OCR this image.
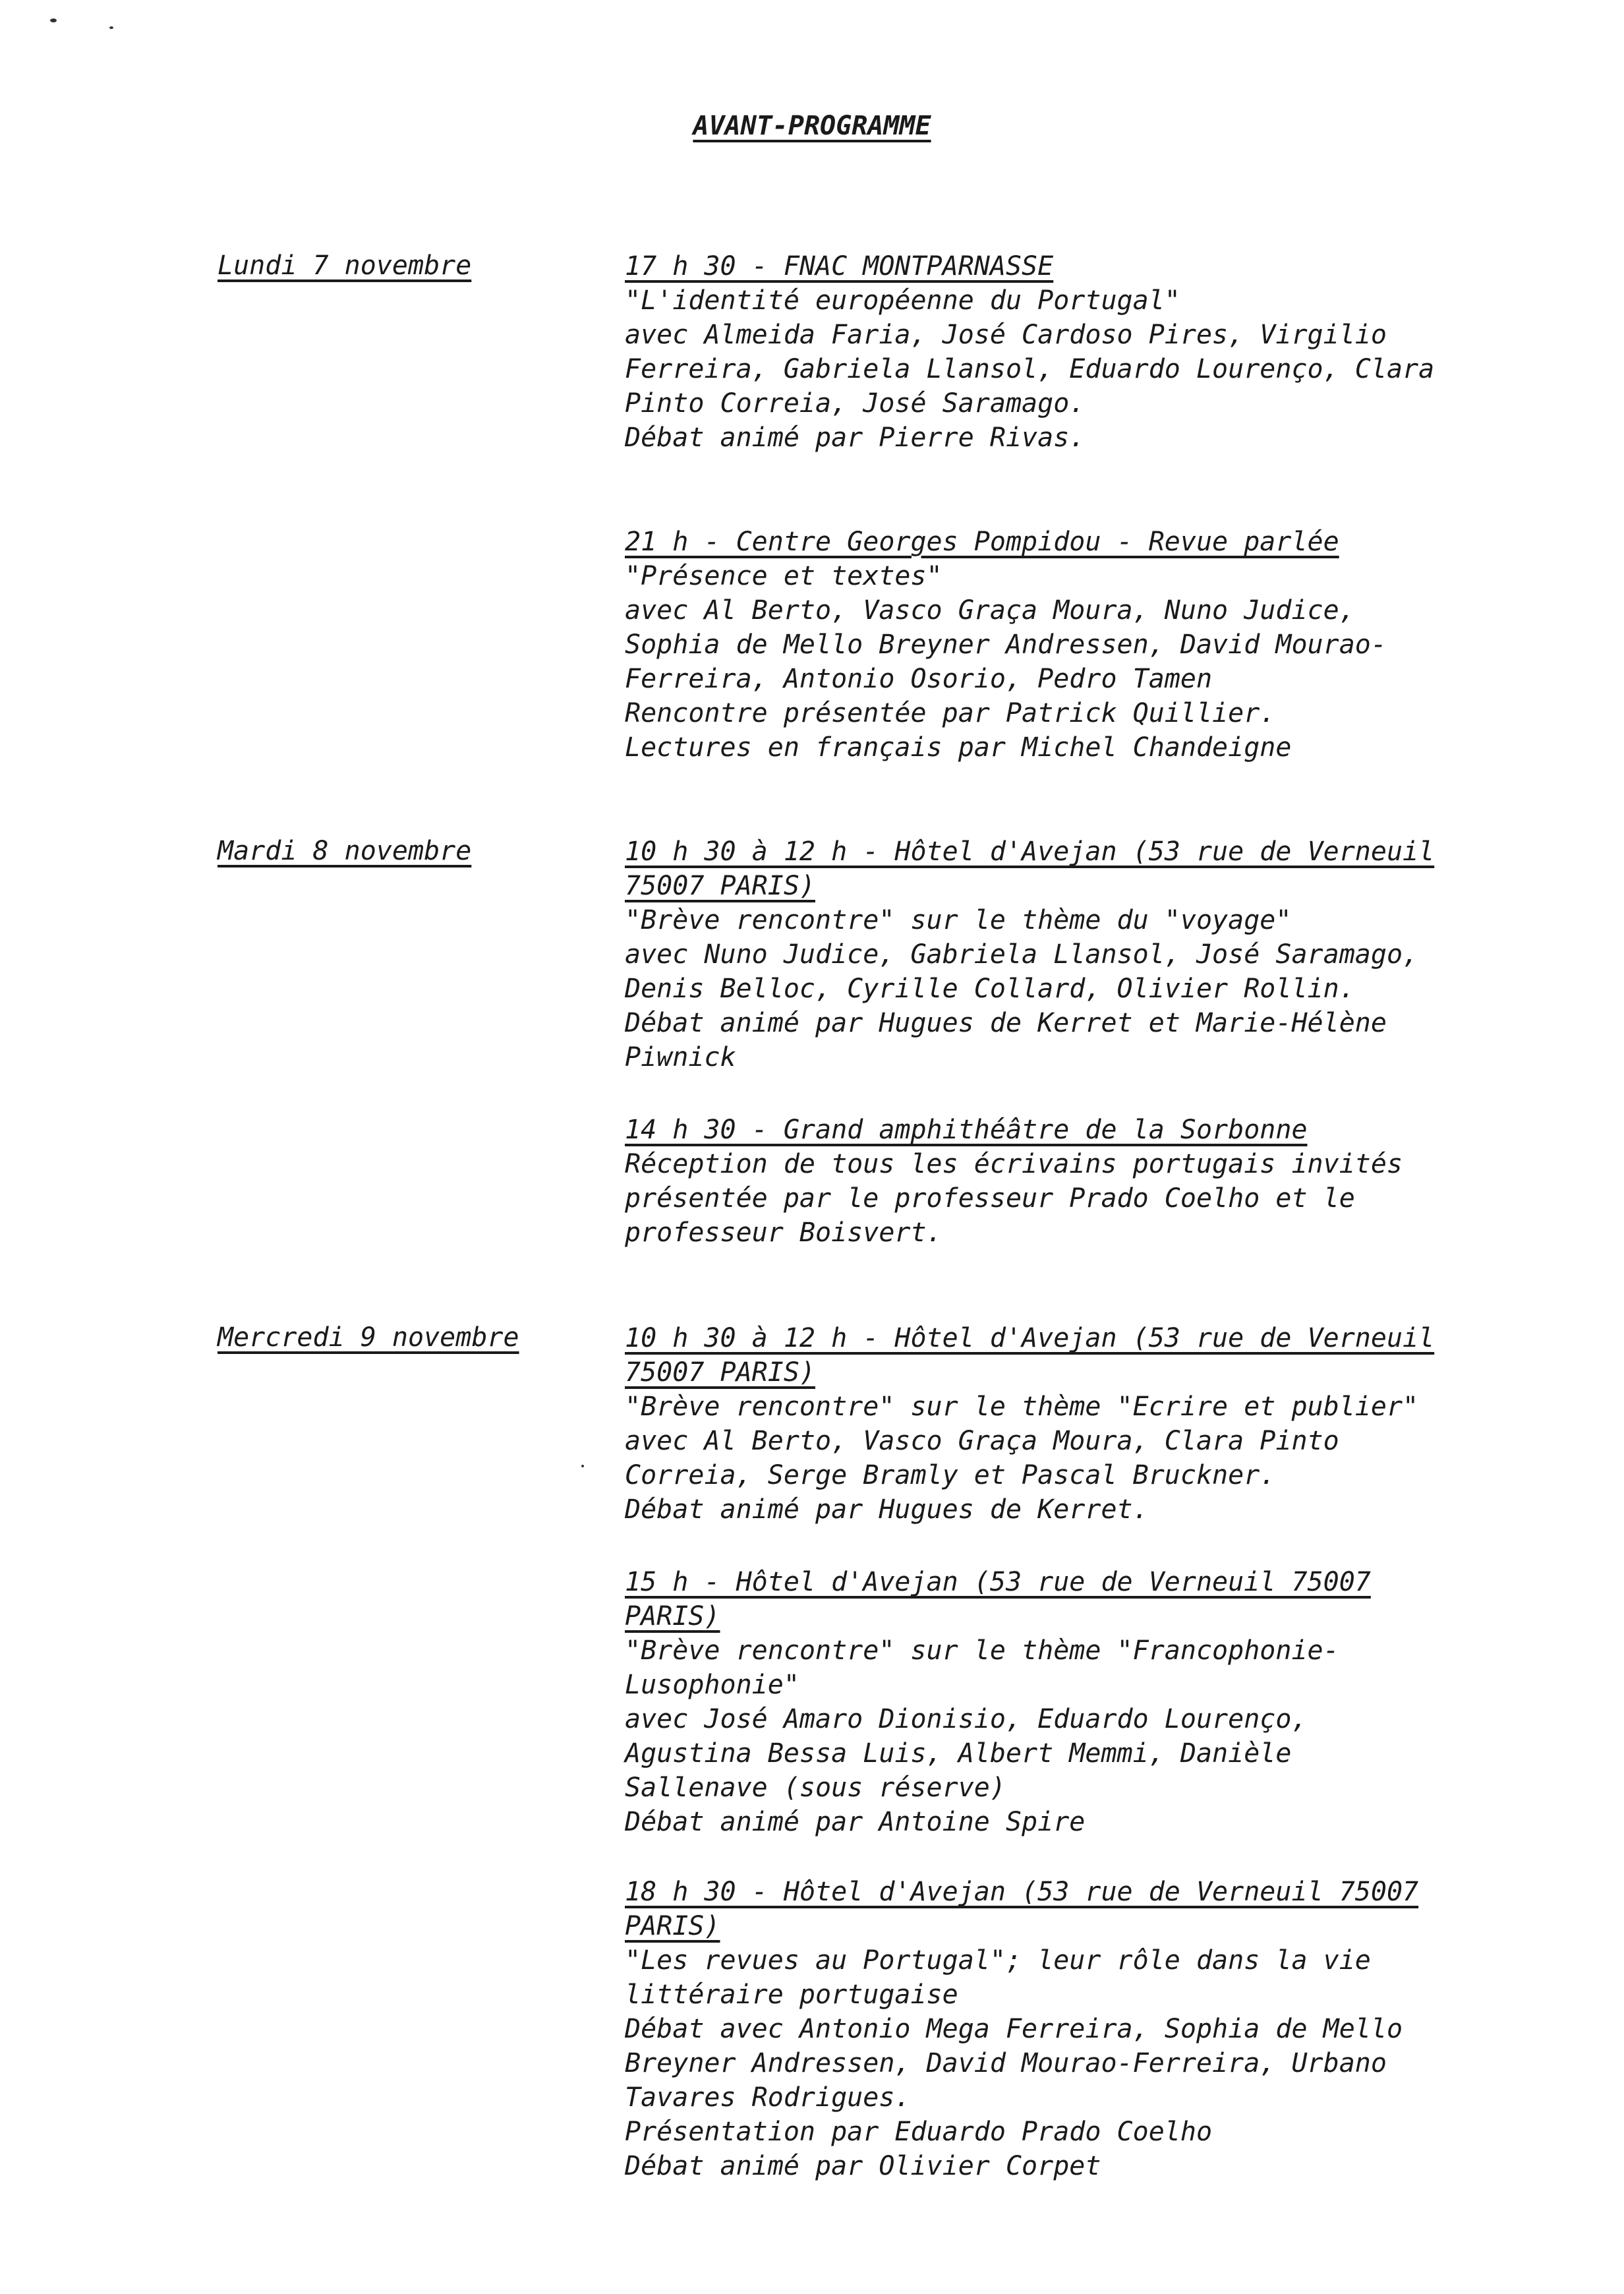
AVANT-PROGRAMME
Lundi 7 novembre	17 h 30 - FNAC MONTPARNASSE
"L'identité européenne du Portugal"
avec Almeida Faria, José Cardoso Pires, Virgilio
Ferreira, Gabriela Llansol, Eduardo Lourenço, Clara
Pinto Correia, José Saramago.
Débat animé par Pierre Rivas.
21 h - Centre Georges Pompidou - Revue parlée
"Présence et textes"
avec Al Berto, Vasco Graça Moura, Nuno Judice,
Sophia de Mello Breyner Andressen, David Mourao-
Ferreira, Antonio Osorio, Pedro Tamen
Rencontre présentée par Patrick Quillier.
Lectures en français par Michel Chandeigne
Mardi 8 novembre	10 h 30 à 12 h - Hôtel d'Avejan (53 rue de Verneuil
75007 PARIS)
"Brève rencontre" sur le thème du "voyage"
avec Nuno Judice, Gabriela Llansol, José Saramago,
Denis Belloc, Cyrille Collard, Olivier Rollin.
Débat animé par Hugues de Kerret et Marie-Hélène
Piwnick
14 h 30 - Grand amphithéâtre de la Sorbonne
Réception de tous les écrivains portugais invités
présentée par le professeur Prado Coelho et le
professeur Boisvert.
Mercredi 9 novembre	10 h 30 à 12 h - Hôtel d'Avejan (53 rue de Verneuil
75007 PARIS)
"Brève rencontre" sur le thème "Ecrire et publier"
avec Al Berto, Vasco Graça Moura, Clara Pinto
Correia, Serge Bramly et Pascal Bruckner.
Débat animé par Hugues de Kerret.
15 h - Hôtel d'Avejan (53 rue de Verneuil 75007
PARIS)
"Brève rencontre" sur le thème "Francophonie-
Lusophonie"
avec José Amaro Dionisio, Eduardo Lourenço,
Agustina Bessa Luis, Albert Memmi, Danièle
Sallenave (sous réserve)
Débat animé par Antoine Spire
18 h 30 - Hôtel d'Avejan (53 rue de Verneuil 75007
PARIS)
"Les revues au Portugal"; leur rôle dans la vie
littéraire portugaise
Débat avec Antonio Mega Ferreira, Sophia de Mello
Breyner Andressen, David Mourao-Ferreira, Urbano
Tavares Rodrigues.
Présentation par Eduardo Prado Coelho
Débat animé par Olivier Corpet
